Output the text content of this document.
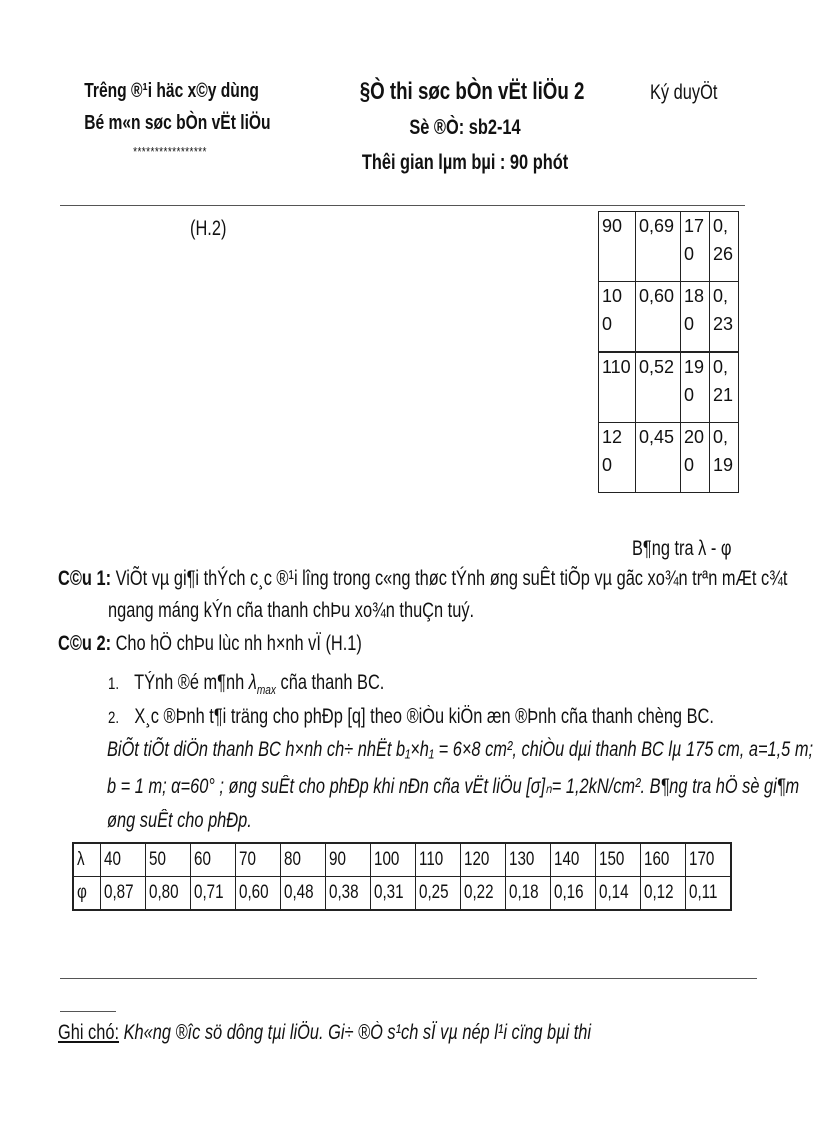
Trêng ®¹i häc x©y dùng
Bé m«n søc bÒn vËt liÖu
*****************
§Ò thi søc bÒn vËt liÖu 2
Sè ®Ò: sb2-14
Thêi gian lµm bµi : 90 phót
Ký duyÖt
(H.2)	90	0,69	170	0,26

100	0,60	180	0,23

110	0,52	190	0,21

120	0,45	200	0,19
B¶ng tra λ - φ
C©u 1: ViÕt vµ gi¶i thÝch c¸c ®¹i lîng trong c«ng thøc tÝnh øng suÊt tiÕp vµ gãc xo¾n trªn mÆt c¾t
ngang máng kÝn cña thanh chÞu xo¾n thuÇn tuý.
C©u 2: Cho hÖ chÞu lùc nh h×nh vÏ (H.1)
1. TÝnh ®é m¶nh $\lambda_{max}$ cña thanh BC.
2. X¸c ®Þnh t¶i träng cho phÐp [q] theo ®iÒu kiÖn æn ®Þnh cña thanh chèng BC.
BiÕt tiÕt diÖn thanh BC h×nh ch÷ nhËt b₁×h₁ = 6×8 cm², chiÒu dµi thanh BC lµ 175 cm, a=1,5 m;
b = 1 m; α=60° ; øng suÊt cho phÐp khi nÐn cña vËt liÖu [σ]ₙ= 1,2kN/cm². B¶ng tra hÖ sè gi¶m
øng suÊt cho phÐp.
λ	40	50	60	70	80	90	100	110	120	130	140	150	160	170
φ	0,87	0,80	0,71	0,60	0,48	0,38	0,31	0,25	0,22	0,18	0,16	0,14	0,12	0,11
Ghi chó: Kh«ng ®îc sö dông tµi liÖu. Gi÷ ®Ò s¹ch sÏ vµ nép l¹i cïng bµi thi
